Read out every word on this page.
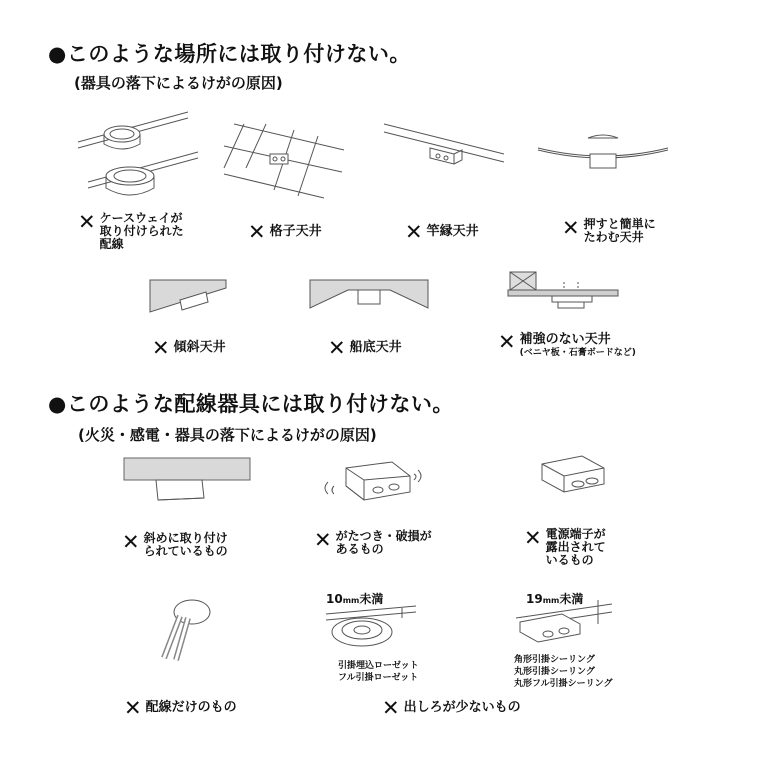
●このような場所には取り付けない。
(器具の落下によるけがの原因)
✕ ケースウェイが
取り付けられた
配線	✕ 格子天井	✕ 竿縁天井	✕ 押すと簡単に
たわむ天井
✕ 傾斜天井	✕ 船底天井	✕ 補強のない天井
(ベニヤ板・石膏ボードなど)
●このような配線器具には取り付けない。
(火災・感電・器具の落下によるけがの原因)
✕ 斜めに取り付け
られているもの	✕ がたつき・破損が
あるもの	✕ 電源端子が
露出されて
いるもの
10mm未満
引掛埋込ローゼット
フル引掛ローゼット
19mm未満
角形引掛シーリング
丸形引掛シーリング
丸形フル引掛シーリング
✕ 配線だけのもの	✕ 出しろが少ないもの
